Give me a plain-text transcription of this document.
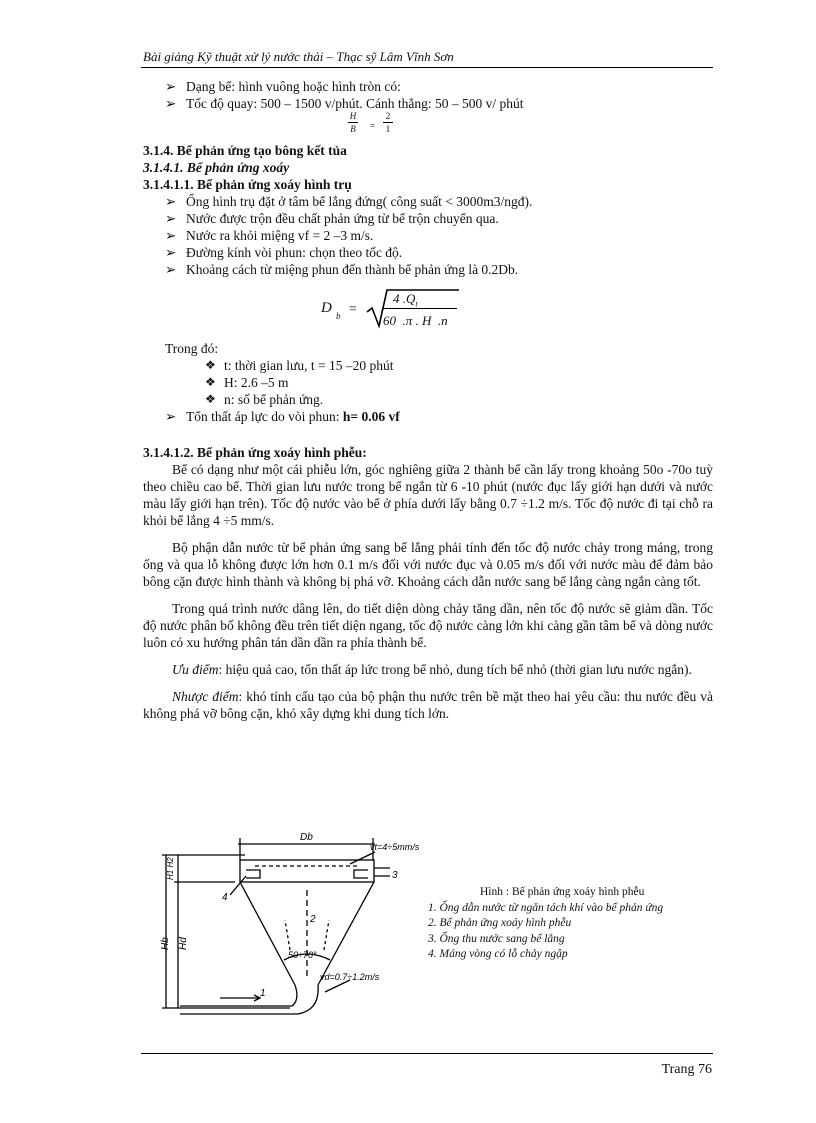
Bài giảng Kỹ thuật xử lý nước thải – Thạc sỹ Lâm Vĩnh Sơn
➢ Dạng bể: hình vuông hoặc hình tròn có:
➢ Tốc độ quay: 500 – 1500 v/phút. Cánh thẳng: 50 – 500 v/ phút
$\frac{H}{B} = \frac{2}{1}$
3.1.4. Bể phản ứng tạo bông kết tủa
3.1.4.1. Bể phản ứng xoáy
3.1.4.1.1. Bể phản ứng xoáy hình trụ
➢ Ống hình trụ đặt ở tâm bể lắng đứng( công suất < 3000m3/ngđ).
➢ Nước được trộn đều chất phản ứng từ bể trộn chuyển qua.
➢ Nước ra khỏi miệng vf = 2 –3 m/s.
➢ Đường kính vòi phun: chọn theo tốc độ.
➢ Khoảng cách từ miệng phun đến thành bể phản ứng là 0.2Db.
D b =
4 $.Q_t$
60  .π . H  .n
Trong đó:
❖ t: thời gian lưu, t = 15 –20 phút
❖ H: 2.6 –5 m
❖ n: số bể phản ứng.
➢ Tổn thất áp lực do vòi phun: h= 0.06 vf
3.1.4.1.2. Bể phản ứng xoáy hình phễu:

Bể có dạng như một cái phiễu lớn, góc nghiêng giữa 2 thành bể cần lấy trong khoảng 50o -70o tuỳ theo chiều cao bể. Thời gian lưu nước trong bể ngắn từ 6 -10 phút (nước đục lấy giới hạn dưới và nước màu lấy giới hạn trên). Tốc độ nước vào bể ở phía dưới lấy bằng 0.7 ÷1.2 m/s. Tốc độ nước đi tại chỗ ra khỏi bể lắng 4 ÷5 mm/s.

Bộ phận dẫn nước từ bể phản ứng sang bể lắng phải tính đến tốc độ nước chảy trong máng, trong ống và qua lỗ không được lớn hơn 0.1 m/s đối với nước đục và 0.05 m/s đối với nước màu để đảm bảo bông cặn được hình thành và không bị phá vỡ. Khoảng cách dẫn nước sang bể lắng càng ngắn càng tốt.

Trong quá trình nước dâng lên, do tiết diện dòng chảy tăng dần, nên tốc độ nước sẽ giảm dần. Tốc độ nước phân bố không đều trên tiết diện ngang, tốc độ nước càng lớn khi càng gần tâm bể và dòng nước luôn có xu hướng phân tán dần dần ra phía thành bể.

Ưu điểm: hiệu quả cao, tổn thất áp lức trong bể nhỏ, dung tích bể nhỏ (thời gian lưu nước ngắn).

Nhược điểm: khó tính cấu tạo của bộ phận thu nước trên bề mặt theo hai yêu cầu: thu nước đều và không phá vỡ bông cặn, khó xây dựng khi dung tích lớn.

Db
vt=4÷5mm/s
3
4
2
50÷70°
vd=0.7÷1.2m/s
1
H1 H2
Hb Hd
Hình : Bể phản ứng xoáy hình phễu
1. Ống dẫn nước từ ngăn tách khí vào bể phản ứng
2. Bể phản ứng xoáy hình phễu
3. Ống thu nước sang bể lắng
4. Máng vòng có lỗ chảy ngập
Trang 76
